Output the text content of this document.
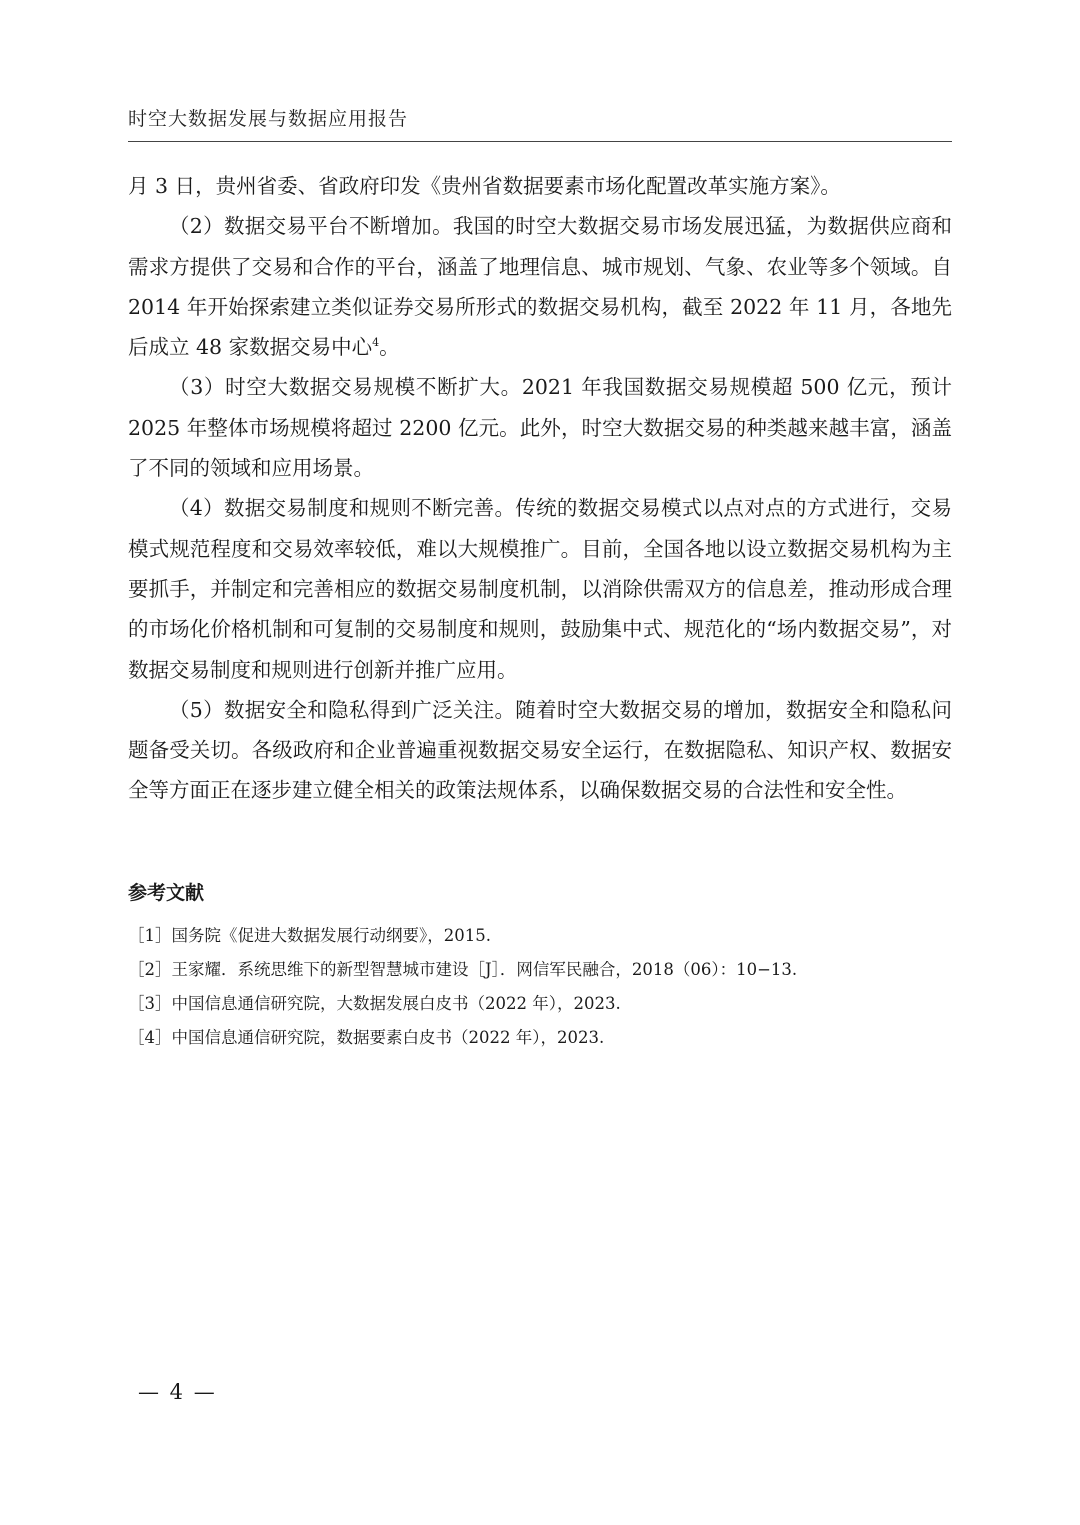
时空大数据发展与数据应用报告

月 3 日，贵州省委、省政府印发《贵州省数据要素市场化配置改革实施方案》。

（2）数据交易平台不断增加。我国的时空大数据交易市场发展迅猛，为数据供应商和需求方提供了交易和合作的平台，涵盖了地理信息、城市规划、气象、农业等多个领域。自 2014 年开始探索建立类似证券交易所形式的数据交易机构，截至 2022 年 11 月，各地先后成立 48 家数据交易中心$^4$。

（3）时空大数据交易规模不断扩大。2021 年我国数据交易规模超 500 亿元，预计 2025 年整体市场规模将超过 2200 亿元。此外，时空大数据交易的种类越来越丰富，涵盖了不同的领域和应用场景。

（4）数据交易制度和规则不断完善。传统的数据交易模式以点对点的方式进行，交易模式规范程度和交易效率较低，难以大规模推广。目前，全国各地以设立数据交易机构为主要抓手，并制定和完善相应的数据交易制度机制，以消除供需双方的信息差，推动形成合理的市场化价格机制和可复制的交易制度和规则，鼓励集中式、规范化的“场内数据交易”，对数据交易制度和规则进行创新并推广应用。

（5）数据安全和隐私得到广泛关注。随着时空大数据交易的增加，数据安全和隐私问题备受关切。各级政府和企业普遍重视数据交易安全运行，在数据隐私、知识产权、数据安全等方面正在逐步建立健全相关的政策法规体系，以确保数据交易的合法性和安全性。

参考文献
［1］国务院《促进大数据发展行动纲要》，2015.
［2］王家耀．系统思维下的新型智慧城市建设［J］．网信军民融合，2018（06）：10−13.
［3］中国信息通信研究院，大数据发展白皮书（2022 年），2023.
［4］中国信息通信研究院，数据要素白皮书（2022 年），2023.
— 4 —
